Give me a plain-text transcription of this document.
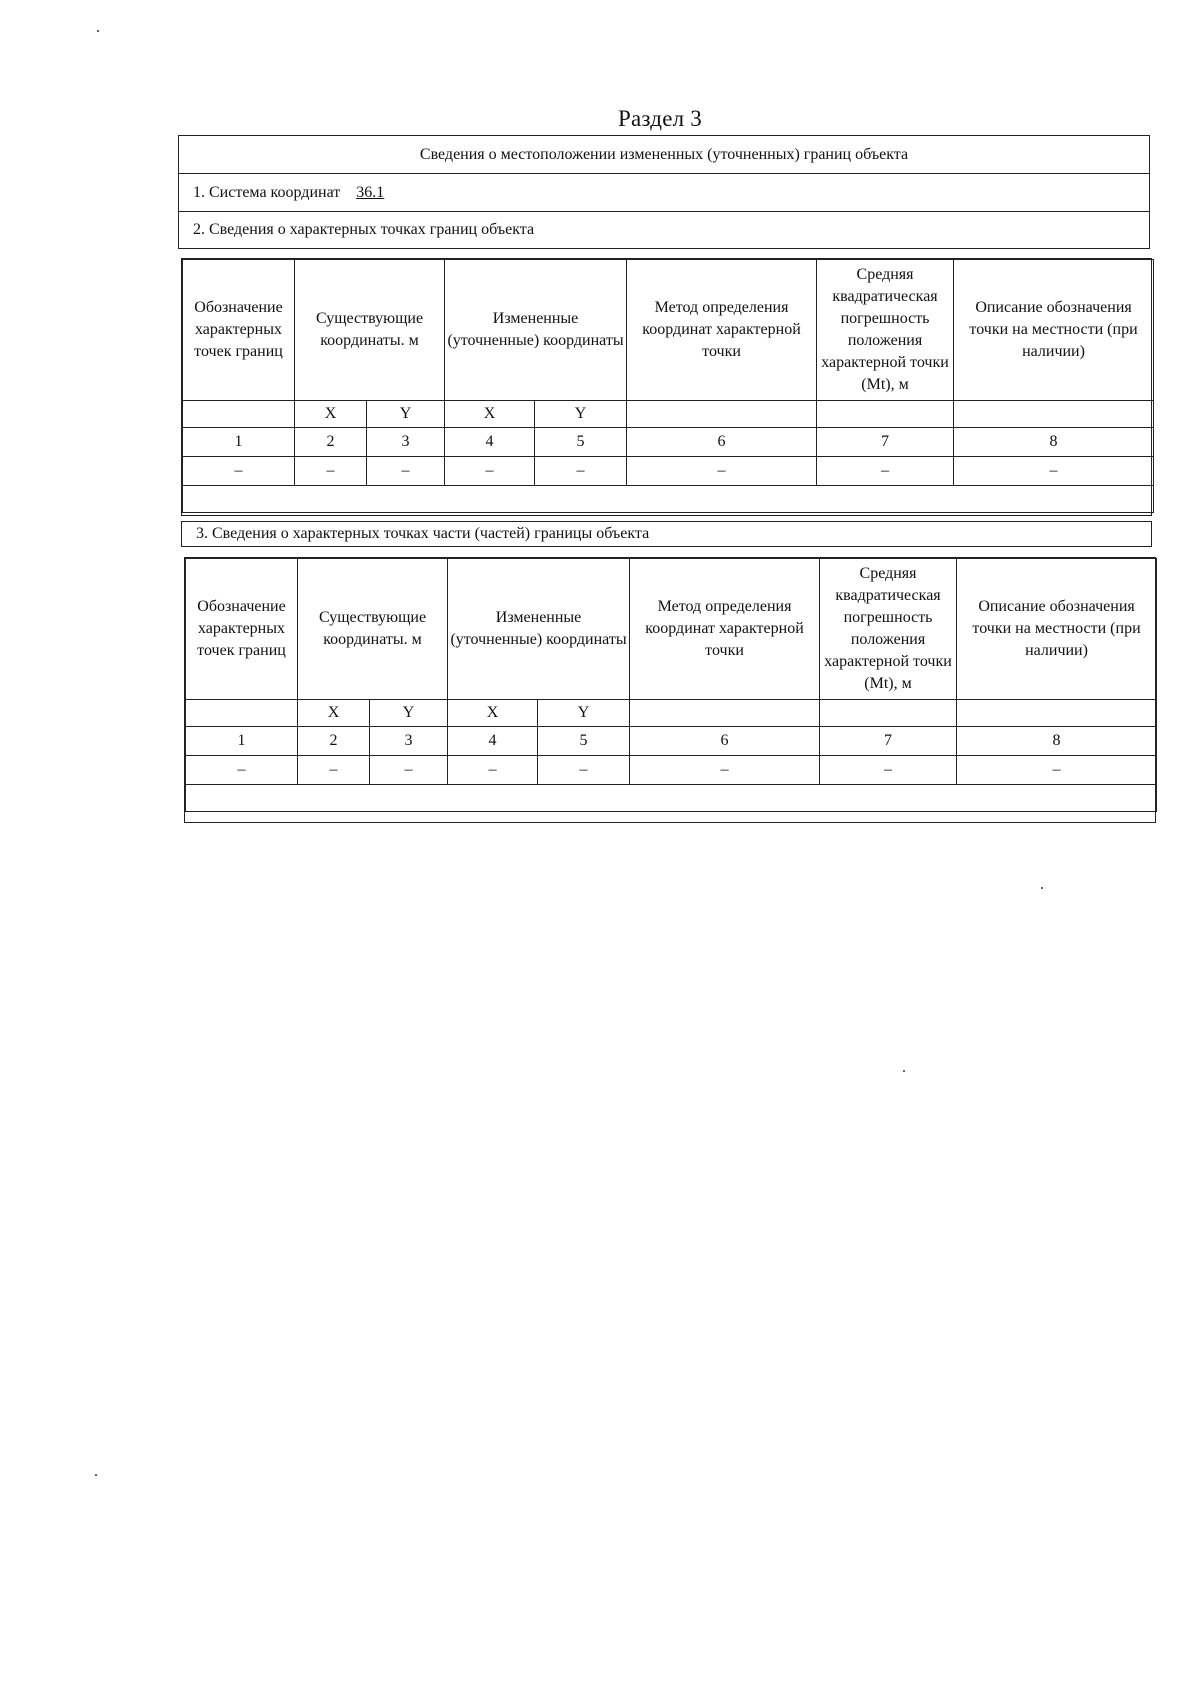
Раздел 3
Сведения о местоположении измененных (уточненных) границ объекта
1. Система координат 36.1
2. Сведения о характерных точках границ объекта
Обозначение характерных точек границ	Существующие координаты. м		Измененные (уточненные) координаты		Метод определения координат характерной точки	Средняя квадратическая погрешность положения характерной точки (Mt), м	Описание обозначения точки на местности (при наличии)
	X	Y	X	Y			
1	2	3	4	5	6	7	8
–	–	–	–	–	–	–	–

3. Сведения о характерных точках части (частей) границы объекта
Обозначение характерных точек границ	Существующие координаты. м		Измененные (уточненные) координаты		Метод определения координат характерной точки	Средняя квадратическая погрешность положения характерной точки (Mt), м	Описание обозначения точки на местности (при наличии)
	X	Y	X	Y			
1	2	3	4	5	6	7	8
–	–	–	–	–	–	–	–
